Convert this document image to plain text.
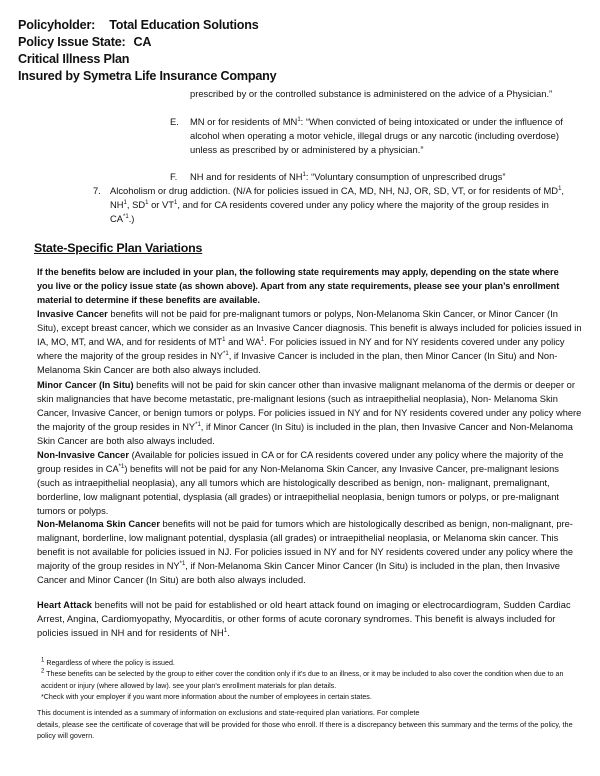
Policyholder: Total Education Solutions
Policy Issue State: CA
Critical Illness Plan
Insured by Symetra Life Insurance Company
prescribed by or the controlled substance is administered on the advice of a Physician.”
E. MN or for residents of $MN^1$: “When convicted of being intoxicated or under the influence of alcohol when operating a motor vehicle, illegal drugs or any narcotic (including overdose) unless as prescribed by or administered by a physician.”
F. NH and for residents of $NH^1$: “Voluntary consumption of unprescribed drugs”
7. Alcoholism or drug addiction. (N/A for policies issued in CA, MD, NH, NJ, OR, SD, VT, or for residents of $MD^1$, $NH^1$, $SD^1$ or $VT^1$, and for CA residents covered under any policy where the majority of the group resides in CA$^{*1}$.)
State-Specific Plan Variations
If the benefits below are included in your plan, the following state requirements may apply, depending on the state where you live or the policy issue state (as shown above). Apart from any state requirements, please see your plan’s enrollment material to determine if these benefits are available.
Invasive Cancer benefits will not be paid for pre-malignant tumors or polyps, Non-Melanoma Skin Cancer, or Minor Cancer (In Situ), except breast cancer, which we consider as an Invasive Cancer diagnosis. This benefit is always included for policies issued in IA, MO, MT, and WA, and for residents of $MT^1$ and $WA^1$. For policies issued in NY and for NY residents covered under any policy where the majority of the group resides in NY$^{*1}$, if Invasive Cancer is included in the plan, then Minor Cancer (In Situ) and Non-Melanoma Skin Cancer are both also always included.
Minor Cancer (In Situ) benefits will not be paid for skin cancer other than invasive malignant melanoma of the dermis or deeper or skin malignancies that have become metastatic, pre-malignant lesions (such as intraepithelial neoplasia), Non- Melanoma Skin Cancer, Invasive Cancer, or benign tumors or polyps. For policies issued in NY and for NY residents covered under any policy where the majority of the group resides in NY$^{*1}$, if Minor Cancer (In Situ) is included in the plan, then Invasive Cancer and Non-Melanoma Skin Cancer are both also always included.
Non-Invasive Cancer (Available for policies issued in CA or for CA residents covered under any policy where the majority of the group resides in CA$^{*1}$) benefits will not be paid for any Non-Melanoma Skin Cancer, any Invasive Cancer, pre-malignant lesions (such as intraepithelial neoplasia), any all tumors which are histologically described as benign, non- malignant, premalignant, borderline, low malignant potential, dysplasia (all grades) or intraepithelial neoplasia, benign tumors or polyps, or pre-malignant tumors or polyps.
Non-Melanoma Skin Cancer benefits will not be paid for tumors which are histologically described as benign, non-malignant, pre-malignant, borderline, low malignant potential, dysplasia (all grades) or intraepithelial neoplasia, or Melanoma skin cancer. This benefit is not available for policies issued in NJ. For policies issued in NY and for NY residents covered under any policy where the majority of the group resides in NY$^{*1}$, if Non-Melanoma Skin Cancer Minor Cancer (In Situ) is included in the plan, then Invasive Cancer and Minor Cancer (In Situ) are both also always included.
Heart Attack benefits will not be paid for established or old heart attack found on imaging or electrocardiogram, Sudden Cardiac Arrest, Angina, Cardiomyopathy, Myocarditis, or other forms of acute coronary syndromes. This benefit is always included for policies issued in NH and for residents of $NH^1$.
$^1$ Regardless of where the policy is issued.
$^2$ These benefits can be selected by the group to either cover the condition only if it’s due to an illness, or it may be included to also cover the condition when due to an accident or injury (where allowed by law). see your plan’s enrollment materials for plan details.
*Check with your employer if you want more information about the number of employees in certain states.
This document is intended as a summary of information on exclusions and state-required plan variations. For complete
details, please see the certificate of coverage that will be provided for those who enroll. If there is a discrepancy between this summary and the terms of the policy, the policy will govern.
